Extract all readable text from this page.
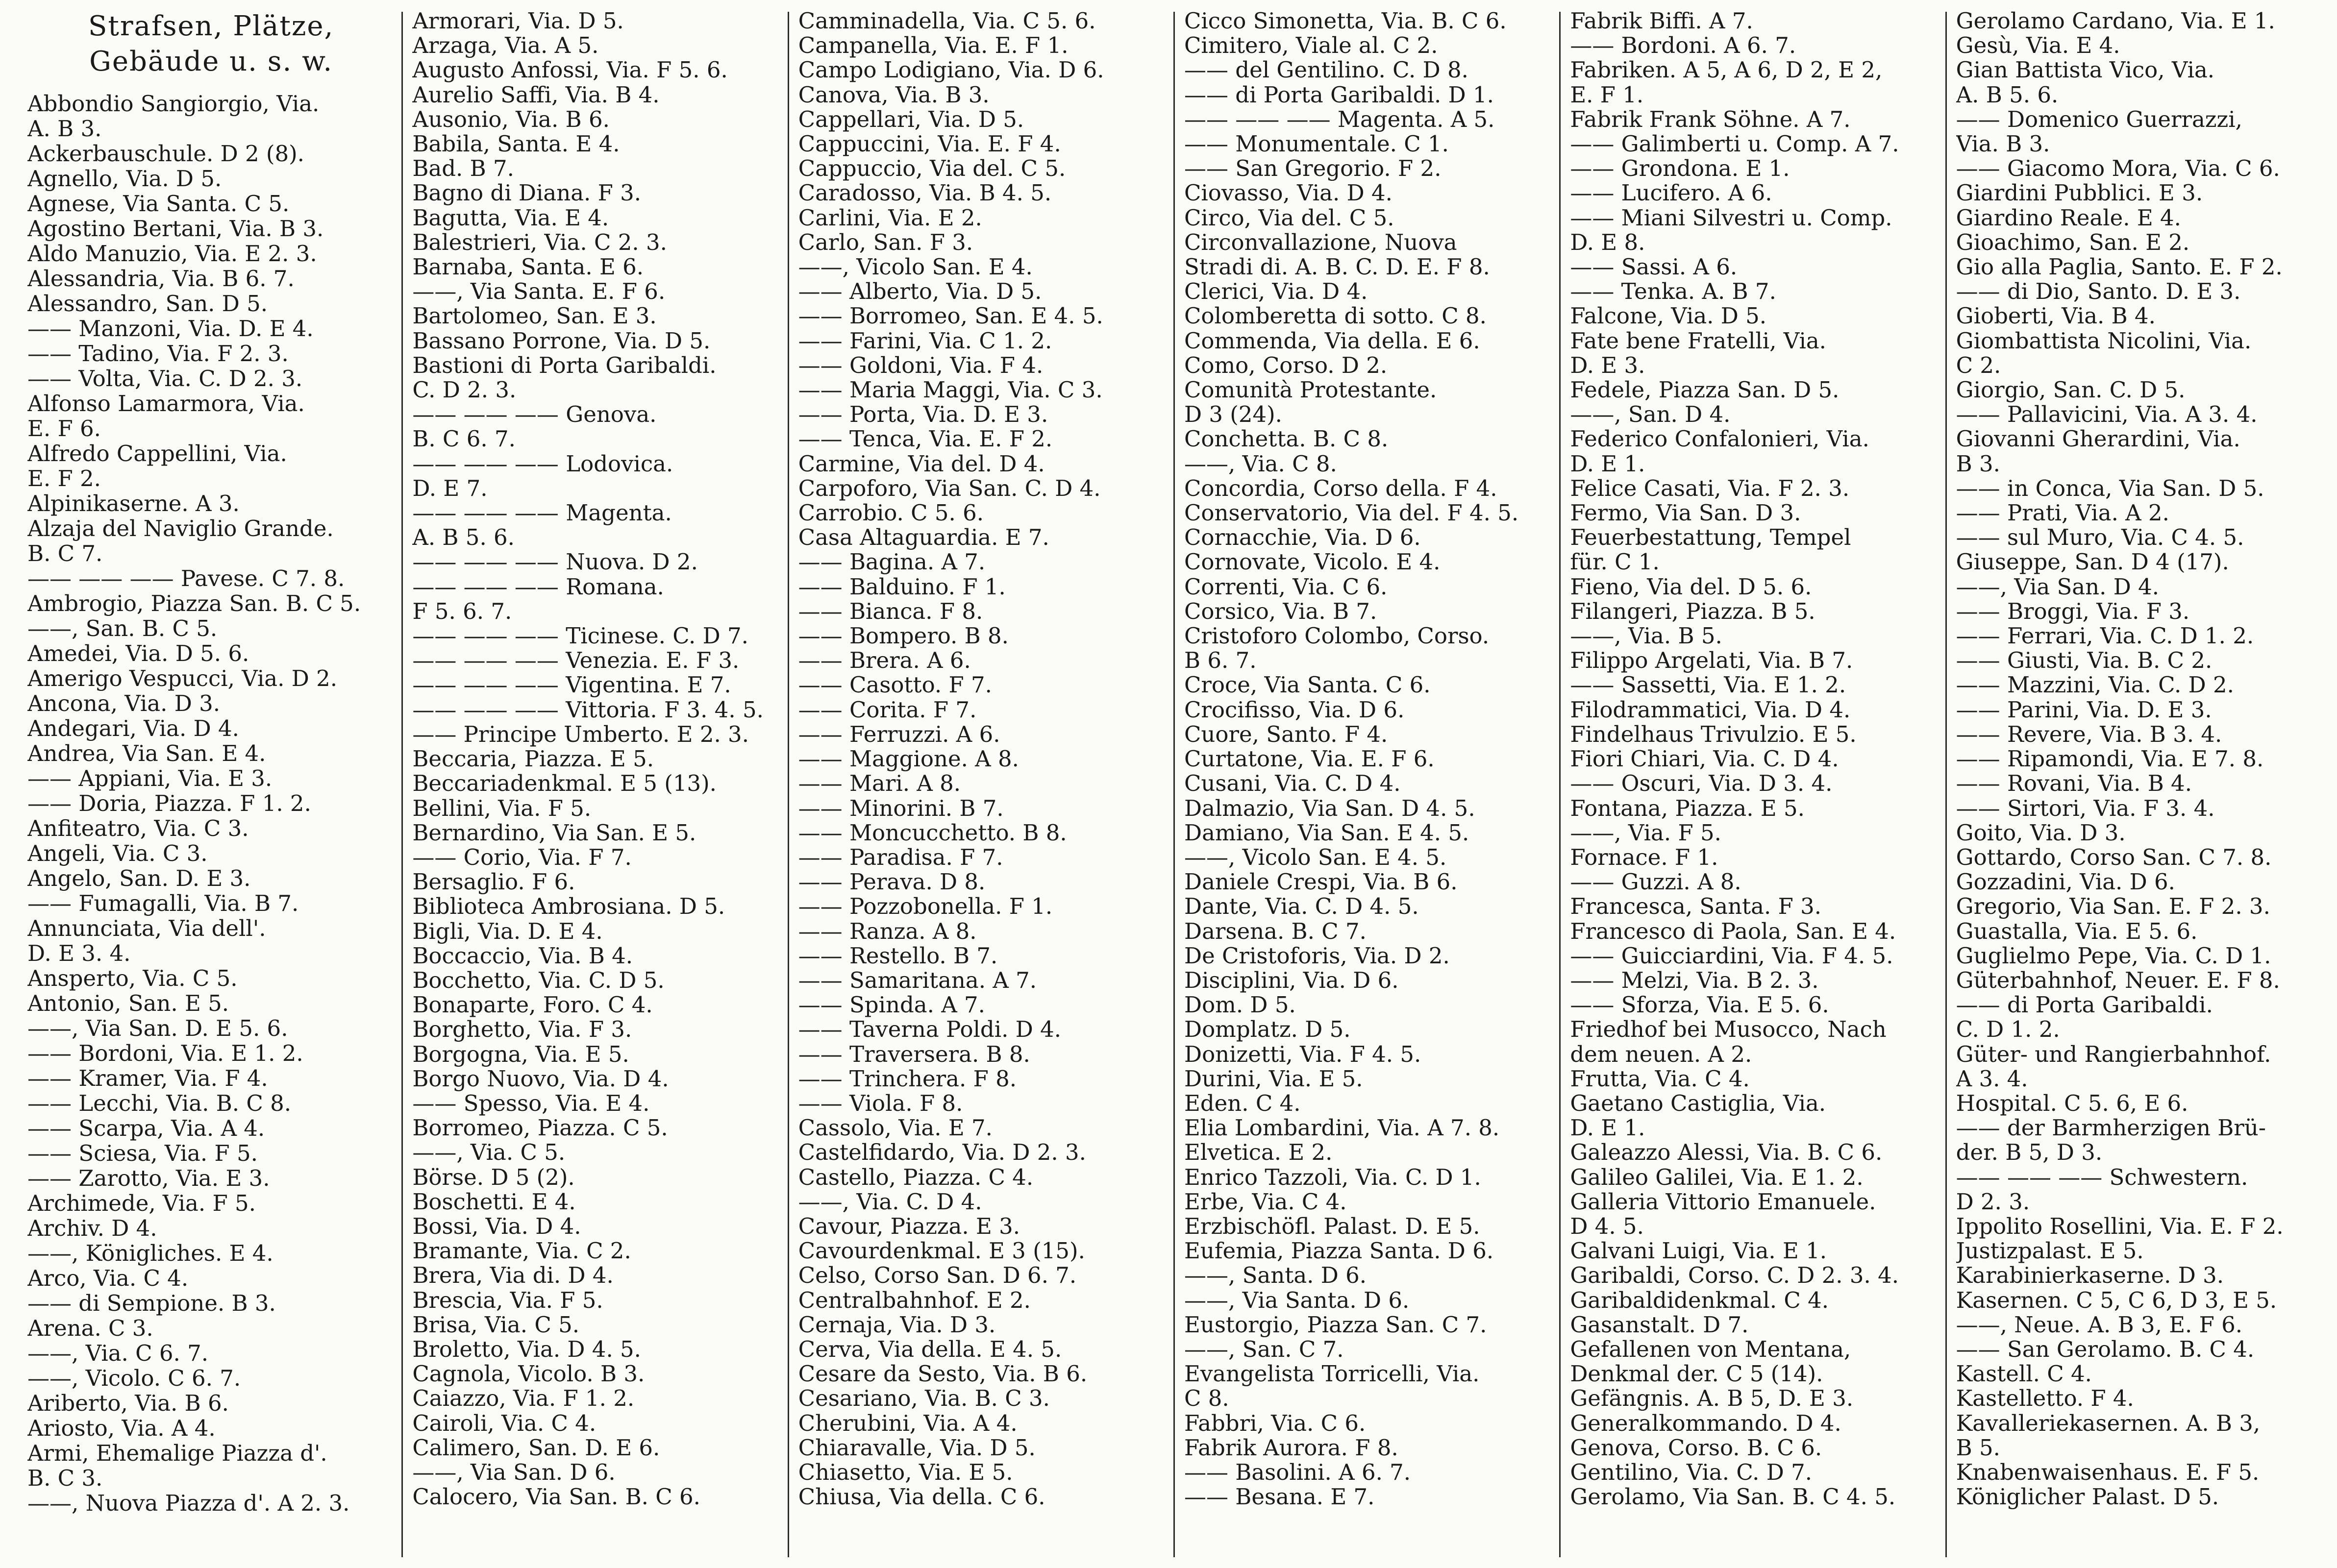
Strafsen, Plätze,
Gebäude u. s. w.
Abbondio Sangiorgio, Via.
A. B 3.
Ackerbauschule. D 2 (8).
Agnello, Via. D 5.
Agnese, Via Santa. C 5.
Agostino Bertani, Via. B 3.
Aldo Manuzio, Via. E 2. 3.
Alessandria, Via. B 6. 7.
Alessandro, San. D 5.
—— Manzoni, Via. D. E 4.
—— Tadino, Via. F 2. 3.
—— Volta, Via. C. D 2. 3.
Alfonso Lamarmora, Via.
E. F 6.
Alfredo Cappellini, Via.
E. F 2.
Alpinikaserne. A 3.
Alzaja del Naviglio Grande.
B. C 7.
—— —— —— Pavese. C 7. 8.
Ambrogio, Piazza San. B. C 5.
——, San. B. C 5.
Amedei, Via. D 5. 6.
Amerigo Vespucci, Via. D 2.
Ancona, Via. D 3.
Andegari, Via. D 4.
Andrea, Via San. E 4.
—— Appiani, Via. E 3.
—— Doria, Piazza. F 1. 2.
Anfiteatro, Via. C 3.
Angeli, Via. C 3.
Angelo, San. D. E 3.
—— Fumagalli, Via. B 7.
Annunciata, Via dell'.
D. E 3. 4.
Ansperto, Via. C 5.
Antonio, San. E 5.
——, Via San. D. E 5. 6.
—— Bordoni, Via. E 1. 2.
—— Kramer, Via. F 4.
—— Lecchi, Via. B. C 8.
—— Scarpa, Via. A 4.
—— Sciesa, Via. F 5.
—— Zarotto, Via. E 3.
Archimede, Via. F 5.
Archiv. D 4.
——, Königliches. E 4.
Arco, Via. C 4.
—— di Sempione. B 3.
Arena. C 3.
——, Via. C 6. 7.
——, Vicolo. C 6. 7.
Ariberto, Via. B 6.
Ariosto, Via. A 4.
Armi, Ehemalige Piazza d'.
B. C 3.
——, Nuova Piazza d'. A 2. 3.
Armorari, Via. D 5.
Arzaga, Via. A 5.
Augusto Anfossi, Via. F 5. 6.
Aurelio Saffi, Via. B 4.
Ausonio, Via. B 6.
Babila, Santa. E 4.
Bad. B 7.
Bagno di Diana. F 3.
Bagutta, Via. E 4.
Balestrieri, Via. C 2. 3.
Barnaba, Santa. E 6.
——, Via Santa. E. F 6.
Bartolomeo, San. E 3.
Bassano Porrone, Via. D 5.
Bastioni di Porta Garibaldi.
C. D 2. 3.
—— —— —— Genova.
B. C 6. 7.
—— —— —— Lodovica.
D. E 7.
—— —— —— Magenta.
A. B 5. 6.
—— —— —— Nuova. D 2.
—— —— —— Romana.
F 5. 6. 7.
—— —— —— Ticinese. C. D 7.
—— —— —— Venezia. E. F 3.
—— —— —— Vigentina. E 7.
—— —— —— Vittoria. F 3. 4. 5.
—— Principe Umberto. E 2. 3.
Beccaria, Piazza. E 5.
Beccariadenkmal. E 5 (13).
Bellini, Via. F 5.
Bernardino, Via San. E 5.
—— Corio, Via. F 7.
Bersaglio. F 6.
Biblioteca Ambrosiana. D 5.
Bigli, Via. D. E 4.
Boccaccio, Via. B 4.
Bocchetto, Via. C. D 5.
Bonaparte, Foro. C 4.
Borghetto, Via. F 3.
Borgogna, Via. E 5.
Borgo Nuovo, Via. D 4.
—— Spesso, Via. E 4.
Borromeo, Piazza. C 5.
——, Via. C 5.
Börse. D 5 (2).
Boschetti. E 4.
Bossi, Via. D 4.
Bramante, Via. C 2.
Brera, Via di. D 4.
Brescia, Via. F 5.
Brisa, Via. C 5.
Broletto, Via. D 4. 5.
Cagnola, Vicolo. B 3.
Caiazzo, Via. F 1. 2.
Cairoli, Via. C 4.
Calimero, San. D. E 6.
——, Via San. D 6.
Calocero, Via San. B. C 6.
Camminadella, Via. C 5. 6.
Campanella, Via. E. F 1.
Campo Lodigiano, Via. D 6.
Canova, Via. B 3.
Cappellari, Via. D 5.
Cappuccini, Via. E. F 4.
Cappuccio, Via del. C 5.
Caradosso, Via. B 4. 5.
Carlini, Via. E 2.
Carlo, San. F 3.
——, Vicolo San. E 4.
—— Alberto, Via. D 5.
—— Borromeo, San. E 4. 5.
—— Farini, Via. C 1. 2.
—— Goldoni, Via. F 4.
—— Maria Maggi, Via. C 3.
—— Porta, Via. D. E 3.
—— Tenca, Via. E. F 2.
Carmine, Via del. D 4.
Carpoforo, Via San. C. D 4.
Carrobio. C 5. 6.
Casa Altaguardia. E 7.
—— Bagina. A 7.
—— Balduino. F 1.
—— Bianca. F 8.
—— Bompero. B 8.
—— Brera. A 6.
—— Casotto. F 7.
—— Corita. F 7.
—— Ferruzzi. A 6.
—— Maggione. A 8.
—— Mari. A 8.
—— Minorini. B 7.
—— Moncucchetto. B 8.
—— Paradisa. F 7.
—— Perava. D 8.
—— Pozzobonella. F 1.
—— Ranza. A 8.
—— Restello. B 7.
—— Samaritana. A 7.
—— Spinda. A 7.
—— Taverna Poldi. D 4.
—— Traversera. B 8.
—— Trinchera. F 8.
—— Viola. F 8.
Cassolo, Via. E 7.
Castelfidardo, Via. D 2. 3.
Castello, Piazza. C 4.
——, Via. C. D 4.
Cavour, Piazza. E 3.
Cavourdenkmal. E 3 (15).
Celso, Corso San. D 6. 7.
Centralbahnhof. E 2.
Cernaja, Via. D 3.
Cerva, Via della. E 4. 5.
Cesare da Sesto, Via. B 6.
Cesariano, Via. B. C 3.
Cherubini, Via. A 4.
Chiaravalle, Via. D 5.
Chiasetto, Via. E 5.
Chiusa, Via della. C 6.
Cicco Simonetta, Via. B. C 6.
Cimitero, Viale al. C 2.
—— del Gentilino. C. D 8.
—— di Porta Garibaldi. D 1.
—— —— —— Magenta. A 5.
—— Monumentale. C 1.
—— San Gregorio. F 2.
Ciovasso, Via. D 4.
Circo, Via del. C 5.
Circonvallazione, Nuova
Stradi di. A. B. C. D. E. F 8.
Clerici, Via. D 4.
Colomberetta di sotto. C 8.
Commenda, Via della. E 6.
Como, Corso. D 2.
Comunità Protestante.
D 3 (24).
Conchetta. B. C 8.
——, Via. C 8.
Concordia, Corso della. F 4.
Conservatorio, Via del. F 4. 5.
Cornacchie, Via. D 6.
Cornovate, Vicolo. E 4.
Correnti, Via. C 6.
Corsico, Via. B 7.
Cristoforo Colombo, Corso.
B 6. 7.
Croce, Via Santa. C 6.
Crocifisso, Via. D 6.
Cuore, Santo. F 4.
Curtatone, Via. E. F 6.
Cusani, Via. C. D 4.
Dalmazio, Via San. D 4. 5.
Damiano, Via San. E 4. 5.
——, Vicolo San. E 4. 5.
Daniele Crespi, Via. B 6.
Dante, Via. C. D 4. 5.
Darsena. B. C 7.
De Cristoforis, Via. D 2.
Disciplini, Via. D 6.
Dom. D 5.
Domplatz. D 5.
Donizetti, Via. F 4. 5.
Durini, Via. E 5.
Eden. C 4.
Elia Lombardini, Via. A 7. 8.
Elvetica. E 2.
Enrico Tazzoli, Via. C. D 1.
Erbe, Via. C 4.
Erzbischöfl. Palast. D. E 5.
Eufemia, Piazza Santa. D 6.
——, Santa. D 6.
——, Via Santa. D 6.
Eustorgio, Piazza San. C 7.
——, San. C 7.
Evangelista Torricelli, Via.
C 8.
Fabbri, Via. C 6.
Fabrik Aurora. F 8.
—— Basolini. A 6. 7.
—— Besana. E 7.
Fabrik Biffi. A 7.
—— Bordoni. A 6. 7.
Fabriken. A 5, A 6, D 2, E 2,
E. F 1.
Fabrik Frank Söhne. A 7.
—— Galimberti u. Comp. A 7.
—— Grondona. E 1.
—— Lucifero. A 6.
—— Miani Silvestri u. Comp.
D. E 8.
—— Sassi. A 6.
—— Tenka. A. B 7.
Falcone, Via. D 5.
Fate bene Fratelli, Via.
D. E 3.
Fedele, Piazza San. D 5.
——, San. D 4.
Federico Confalonieri, Via.
D. E 1.
Felice Casati, Via. F 2. 3.
Fermo, Via San. D 3.
Feuerbestattung, Tempel
für. C 1.
Fieno, Via del. D 5. 6.
Filangeri, Piazza. B 5.
——, Via. B 5.
Filippo Argelati, Via. B 7.
—— Sassetti, Via. E 1. 2.
Filodrammatici, Via. D 4.
Findelhaus Trivulzio. E 5.
Fiori Chiari, Via. C. D 4.
—— Oscuri, Via. D 3. 4.
Fontana, Piazza. E 5.
——, Via. F 5.
Fornace. F 1.
—— Guzzi. A 8.
Francesca, Santa. F 3.
Francesco di Paola, San. E 4.
—— Guicciardini, Via. F 4. 5.
—— Melzi, Via. B 2. 3.
—— Sforza, Via. E 5. 6.
Friedhof bei Musocco, Nach
dem neuen. A 2.
Frutta, Via. C 4.
Gaetano Castiglia, Via.
D. E 1.
Galeazzo Alessi, Via. B. C 6.
Galileo Galilei, Via. E 1. 2.
Galleria Vittorio Emanuele.
D 4. 5.
Galvani Luigi, Via. E 1.
Garibaldi, Corso. C. D 2. 3. 4.
Garibaldidenkmal. C 4.
Gasanstalt. D 7.
Gefallenen von Mentana,
Denkmal der. C 5 (14).
Gefängnis. A. B 5, D. E 3.
Generalkommando. D 4.
Genova, Corso. B. C 6.
Gentilino, Via. C. D 7.
Gerolamo, Via San. B. C 4. 5.
Gerolamo Cardano, Via. E 1.
Gesù, Via. E 4.
Gian Battista Vico, Via.
A. B 5. 6.
—— Domenico Guerrazzi,
Via. B 3.
—— Giacomo Mora, Via. C 6.
Giardini Pubblici. E 3.
Giardino Reale. E 4.
Gioachimo, San. E 2.
Gio alla Paglia, Santo. E. F 2.
—— di Dio, Santo. D. E 3.
Gioberti, Via. B 4.
Giombattista Nicolini, Via.
C 2.
Giorgio, San. C. D 5.
—— Pallavicini, Via. A 3. 4.
Giovanni Gherardini, Via.
B 3.
—— in Conca, Via San. D 5.
—— Prati, Via. A 2.
—— sul Muro, Via. C 4. 5.
Giuseppe, San. D 4 (17).
——, Via San. D 4.
—— Broggi, Via. F 3.
—— Ferrari, Via. C. D 1. 2.
—— Giusti, Via. B. C 2.
—— Mazzini, Via. C. D 2.
—— Parini, Via. D. E 3.
—— Revere, Via. B 3. 4.
—— Ripamondi, Via. E 7. 8.
—— Rovani, Via. B 4.
—— Sirtori, Via. F 3. 4.
Goito, Via. D 3.
Gottardo, Corso San. C 7. 8.
Gozzadini, Via. D 6.
Gregorio, Via San. E. F 2. 3.
Guastalla, Via. E 5. 6.
Guglielmo Pepe, Via. C. D 1.
Güterbahnhof, Neuer. E. F 8.
—— di Porta Garibaldi.
C. D 1. 2.
Güter- und Rangierbahnhof.
A 3. 4.
Hospital. C 5. 6, E 6.
—— der Barmherzigen Brü-
der. B 5, D 3.
—— —— —— Schwestern.
D 2. 3.
Ippolito Rosellini, Via. E. F 2.
Justizpalast. E 5.
Karabinierkaserne. D 3.
Kasernen. C 5, C 6, D 3, E 5.
——, Neue. A. B 3, E. F 6.
—— San Gerolamo. B. C 4.
Kastell. C 4.
Kastelletto. F 4.
Kavalleriekasernen. A. B 3,
B 5.
Knabenwaisenhaus. E. F 5.
Königlicher Palast. D 5.
